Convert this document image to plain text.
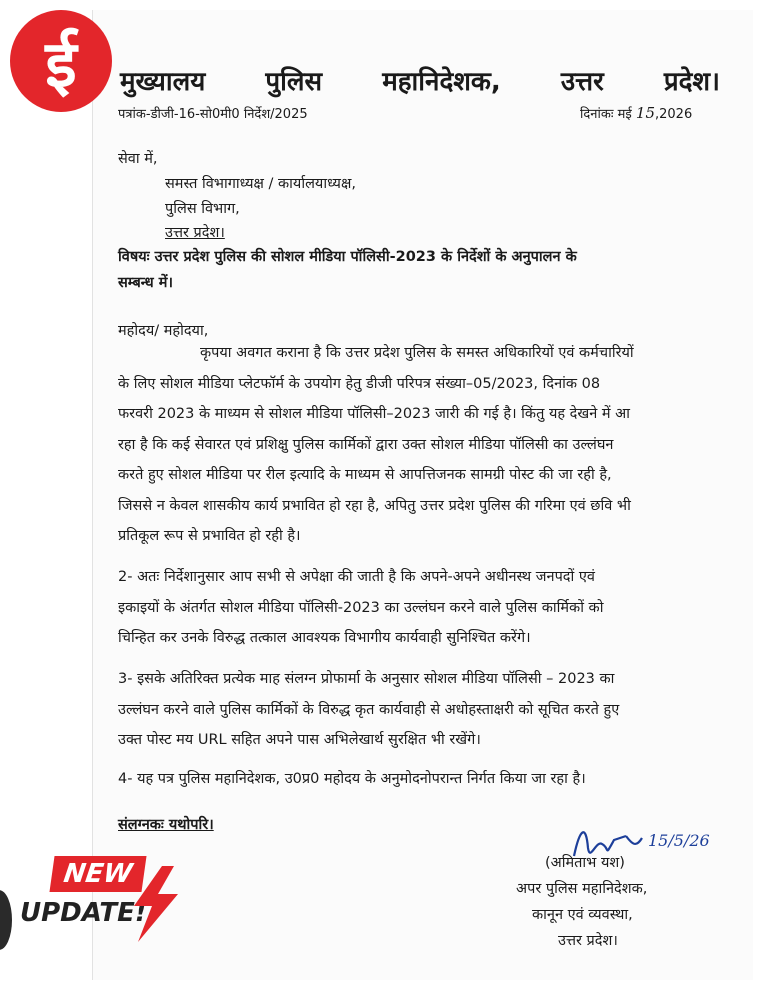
ई मुख्यालय पुलिस महानिदेशक, उत्तर प्रदेश।
पत्रांक-डीजी-16-सो0मी0 निर्देश/2025	दिनांकः मई 15,2026
सेवा में,
समस्त विभागाध्यक्ष / कार्यालयाध्यक्ष,
पुलिस विभाग,
उत्तर प्रदेश।
विषयः उत्तर प्रदेश पुलिस की सोशल मीडिया पॉलिसी-2023 के निर्देशों के अनुपालन के
सम्बन्ध में।
महोदय/ महोदया,
कृपया अवगत कराना है कि उत्तर प्रदेश पुलिस के समस्त अधिकारियों एवं कर्मचारियों
के लिए सोशल मीडिया प्लेटफॉर्म के उपयोग हेतु डीजी परिपत्र संख्या–05/2023, दिनांक 08
फरवरी 2023 के माध्यम से सोशल मीडिया पॉलिसी–2023 जारी की गई है। किंतु यह देखने में आ
रहा है कि कई सेवारत एवं प्रशिक्षु पुलिस कार्मिकों द्वारा उक्त सोशल मीडिया पॉलिसी का उल्लंघन
करते हुए सोशल मीडिया पर रील इत्यादि के माध्यम से आपत्तिजनक सामग्री पोस्ट की जा रही है,
जिससे न केवल शासकीय कार्य प्रभावित हो रहा है, अपितु उत्तर प्रदेश पुलिस की गरिमा एवं छवि भी
प्रतिकूल रूप से प्रभावित हो रही है।
2- अतः निर्देशानुसार आप सभी से अपेक्षा की जाती है कि अपने-अपने अधीनस्थ जनपदों एवं
इकाइयों के अंतर्गत सोशल मीडिया पॉलिसी-2023 का उल्लंघन करने वाले पुलिस कार्मिकों को
चिन्हित कर उनके विरुद्ध तत्काल आवश्यक विभागीय कार्यवाही सुनिश्चित करेंगे।
3- इसके अतिरिक्त प्रत्येक माह संलग्न प्रोफार्मा के अनुसार सोशल मीडिया पॉलिसी – 2023 का
उल्लंघन करने वाले पुलिस कार्मिकों के विरुद्ध कृत कार्यवाही से अधोहस्ताक्षरी को सूचित करते हुए
उक्त पोस्ट मय URL सहित अपने पास अभिलेखार्थ सुरक्षित भी रखेंगे।
4- यह पत्र पुलिस महानिदेशक, उ0प्र0 महोदय के अनुमोदनोपरान्त निर्गत किया जा रहा है।
संलग्नकः यथोपरि।
15/5/26
(अमिताभ यश)
अपर पुलिस महानिदेशक,
कानून एवं व्यवस्था,
उत्तर प्रदेश।
NEW
UPDATE!
